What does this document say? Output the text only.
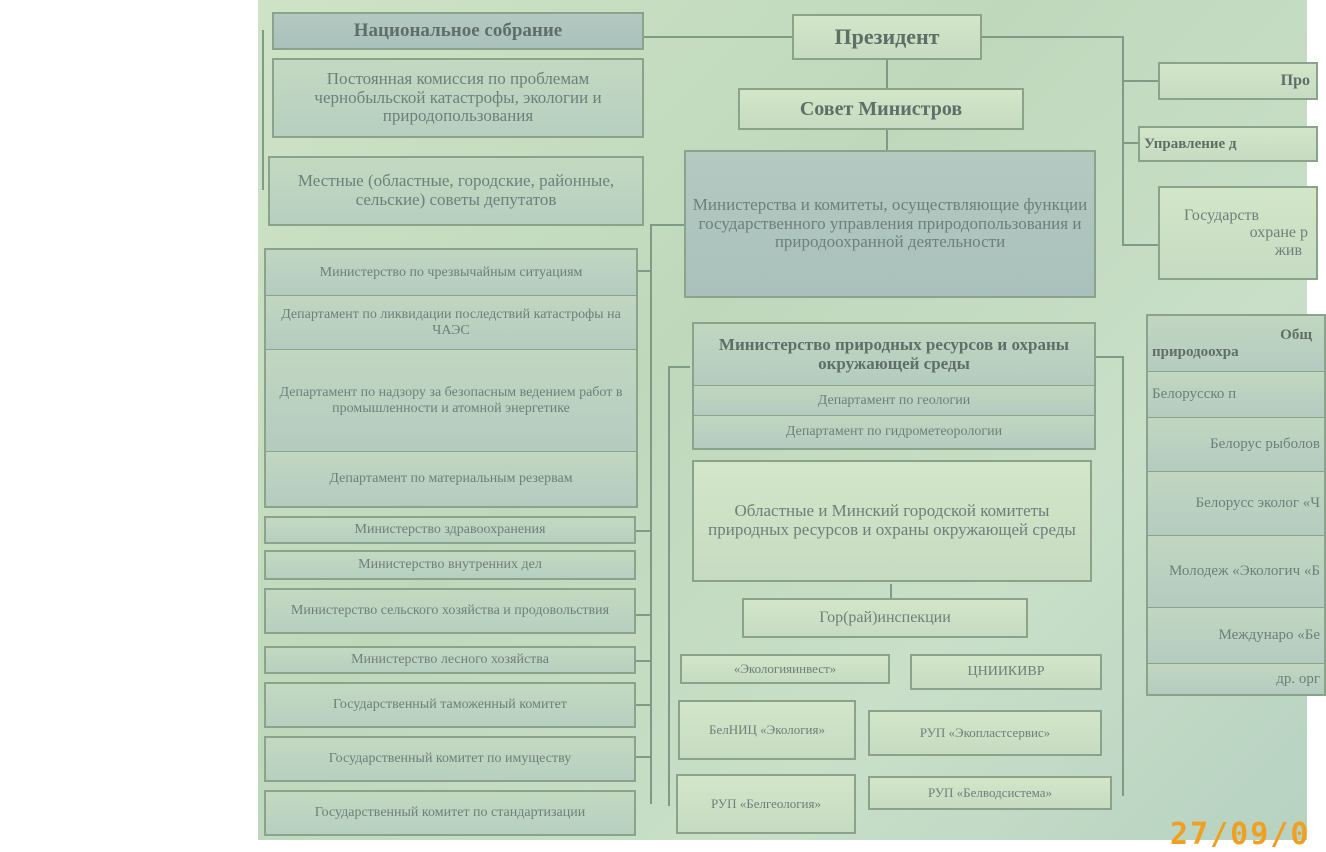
Национальное собрание
Постоянная комиссия по проблемам чернобыльской катастрофы, экологии и природопользования
Местные (областные, городские, районные, сельские) советы депутатов
Министерство по чрезвычайным ситуациям
Департамент по ликвидации последствий катастрофы на ЧАЭС
Департамент по надзору за безопасным ведением работ в промышленности и атомной энергетике
Департамент по материальным резервам
Министерство здравоохранения
Министерство внутренних дел
Министерство сельского хозяйства и продовольствия
Министерство лесного хозяйства
Государственный таможенный комитет
Государственный комитет по имуществу
Государственный комитет по стандартизации
Президент
Совет Министров
Министерства и комитеты, осуществляющие функции государственного управления природопользования и природоохранной деятельности
Министерство природных ресурсов и охраны окружающей среды
Департамент по геологии
Департамент по гидрометеорологии
Областные и Минский городской комитеты природных ресурсов и охраны окружающей среды
Гор(рай)инспекции
«Экологияинвест»	ЦНИИКИВР
БелНИЦ «Экология»	РУП «Экопластсервис»
РУП «Белгеология»
РУП «Белводсистема»
Про
Управление д
Государств
охране р
жив
Общ
природоохра
Белорусско п
Белорус рыболов
Белорусс эколог «Ч
Молодеж «Экологич «Б
Междунаро «Бе
др. орг
27/09/0
